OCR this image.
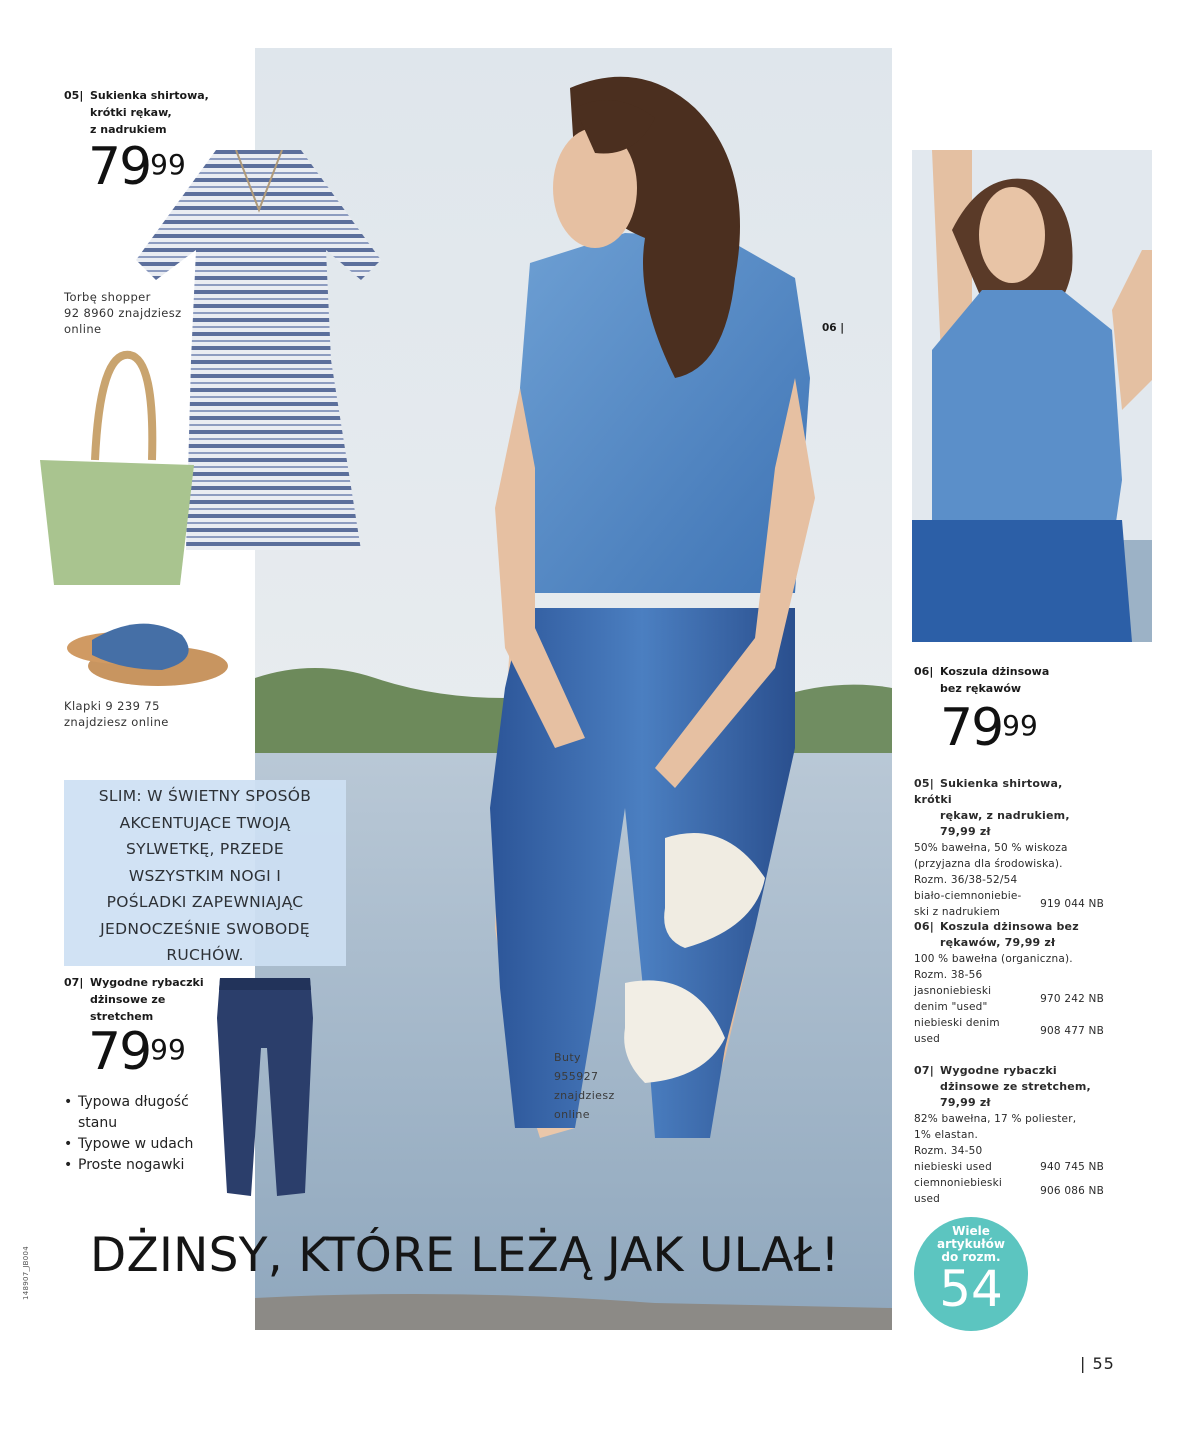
05| Sukienka shirtowa,
krótki rękaw,
z nadrukiem
$79^{99}$
Torbę shopper
92 8960 znajdziesz
online
Klapki 9 239 75
znajdziesz online
SLIM: W ŚWIETNY SPOSÓB
AKCENTUJĄCE TWOJĄ
SYLWETKĘ, PRZEDE
WSZYSTKIM NOGI I
POŚLADKI ZAPEWNIAJĄC
JEDNOCZEŚNIE SWOBODĘ
RUCHÓW.
07| Wygodne rybaczki
dżinsowe ze
stretchem
$79^{99}$
• Typowa długość
stanu
• Typowe w udach
• Proste nogawki
06 |
Buty
955927
znajdziesz
online
DŻINSY, KTÓRE LEŻĄ JAK ULAŁ!
06| Koszula dżinsowa
bez rękawów
$79^{99}$
05| Sukienka shirtowa, krótki
rękaw, z nadrukiem,
79,99 zł
50% bawełna, 50 % wiskoza
(przyjazna dla środowiska).
Rozm. 36/38-52/54
biało-ciemnoniebie-
ski z nadrukiem
919 044 NB
06| Koszula dżinsowa bez
rękawów, 79,99 zł
100 % bawełna (organiczna).
Rozm. 38-56
jasnoniebieski
denim "used"
970 242 NB
niebieski denim
used
908 477 NB
07| Wygodne rybaczki
dżinsowe ze stretchem,
79,99 zł
82% bawełna, 17 % poliester,
1% elastan.
Rozm. 34-50
niebieski used	940 745 NB
ciemnoniebieski
used
906 086 NB
Wiele
artykułów
do rozm.
54
| 55
148907_JB004
